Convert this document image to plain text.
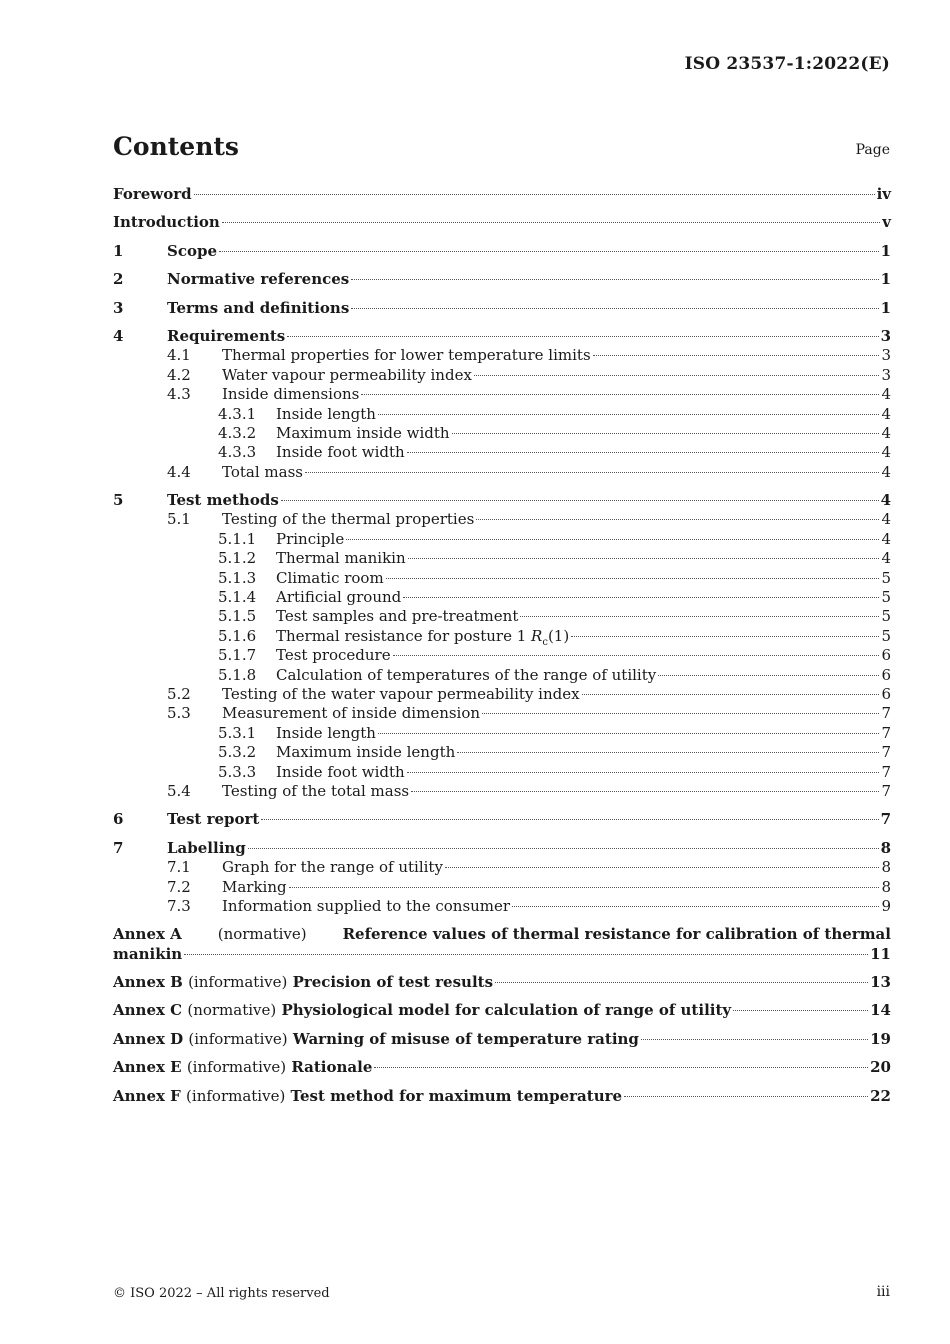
ISO 23537-1:2022(E)
Contents	Page
Foreword	iv
Introduction	v
1	Scope	1
2	Normative references	1
3	Terms and definitions	1
4	Requirements	3
4.1	Thermal properties for lower temperature limits	3
4.2	Water vapour permeability index	3
4.3	Inside dimensions	4
4.3.1	Inside length	4
4.3.2	Maximum inside width	4
4.3.3	Inside foot width	4
4.4	Total mass	4
5	Test methods	4
5.1	Testing of the thermal properties	4
5.1.1	Principle	4
5.1.2	Thermal manikin	4
5.1.3	Climatic room	5
5.1.4	Artificial ground	5
5.1.5	Test samples and pre-treatment	5
5.1.6	Thermal resistance for posture 1 $R_c(1)$	5
5.1.7	Test procedure	6
5.1.8	Calculation of temperatures of the range of utility	6
5.2	Testing of the water vapour permeability index	6
5.3	Measurement of inside dimension	7
5.3.1	Inside length	7
5.3.2	Maximum inside length	7
5.3.3	Inside foot width	7
5.4	Testing of the total mass	7
6	Test report	7
7	Labelling	8
7.1	Graph for the range of utility	8
7.2	Marking	8
7.3	Information supplied to the consumer	9
Annex A (normative) Reference values of thermal resistance for calibration of thermal
manikin	11
Annex B (informative) Precision of test results	13
Annex C (normative) Physiological model for calculation of range of utility	14
Annex D (informative) Warning of misuse of temperature rating	19
Annex E (informative) Rationale	20
Annex F (informative) Test method for maximum temperature	22
© ISO 2022 – All rights reserved	iii
